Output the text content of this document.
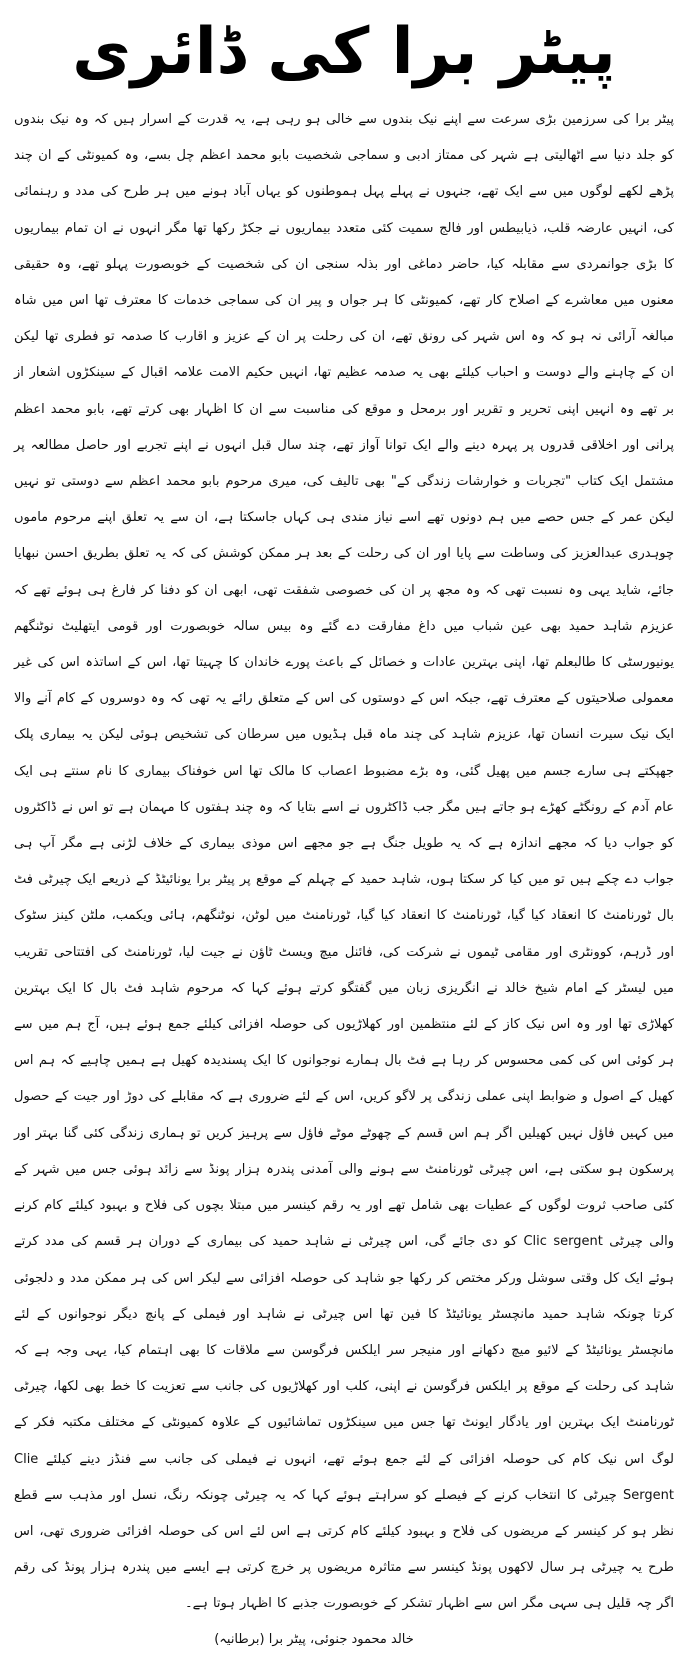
پیٹر برا کی ڈائری

پیٹر برا کی سرزمین بڑی سرعت سے اپنے نیک بندوں سے خالی ہو رہی ہے، یہ قدرت کے اسرار ہیں کہ وہ نیک بندوں کو جلد دنیا سے اٹھالیتی ہے شہر کی ممتاز ادبی و سماجی شخصیت بابو محمد اعظم چل بسے، وہ کمیونٹی کے ان چند پڑھے لکھے لوگوں میں سے ایک تھے، جنہوں نے پہلے پہل ہموطنوں کو یہاں آباد ہونے میں ہر طرح کی مدد و رہنمائی کی، انہیں عارضہ قلب، ذیابیطس اور فالج سمیت کئی متعدد بیماریوں نے جکڑ رکھا تھا مگر انہوں نے ان تمام بیماریوں کا بڑی جوانمردی سے مقابلہ کیا، حاضر دماغی اور بذلہ سنجی ان کی شخصیت کے خوبصورت پہلو تھے، وہ حقیقی معنوں میں معاشرے کے اصلاح کار تھے، کمیونٹی کا ہر جواں و پیر ان کی سماجی خدمات کا معترف تھا اس میں شاہ مبالغہ آرائی نہ ہو کہ وہ اس شہر کی رونق تھے، ان کی رحلت پر ان کے عزیز و اقارب کا صدمہ تو فطری تھا لیکن ان کے چاہنے والے دوست و احباب کیلئے بھی یہ صدمہ عظیم تھا، انہیں حکیم الامت علامہ اقبال کے سینکڑوں اشعار از بر تھے وہ انہیں اپنی تحریر و تقریر اور برمحل و موقع کی مناسبت سے ان کا اظہار بھی کرتے تھے، بابو محمد اعظم پرانی اور اخلاقی قدروں پر پہرہ دینے والے ایک توانا آواز تھے، چند سال قبل انہوں نے اپنے تجربے اور حاصل مطالعہ پر مشتمل ایک کتاب "تجربات و خوارشات زندگی کے" بھی تالیف کی، میری مرحوم بابو محمد اعظم سے دوستی تو نہیں لیکن عمر کے جس حصے میں ہم دونوں تھے اسے نیاز مندی ہی کہاں جاسکتا ہے، ان سے یہ تعلق اپنے مرحوم ماموں چوہدری عبدالعزیز کی وساطت سے پایا اور ان کی رحلت کے بعد ہر ممکن کوشش کی کہ یہ تعلق بطریق احسن نبھایا جائے، شاید یہی وہ نسبت تھی کہ وہ مجھ پر ان کی خصوصی شفقت تھی، ابھی ان کو دفنا کر فارغ ہی ہوئے تھے کہ عزیزم شاہد حمید بھی عین شباب میں داغ مفارقت دے گئے وہ بیس سالہ خوبصورت اور قومی ایتھلیٹ نوٹنگھم یونیورسٹی کا طالبعلم تھا، اپنی بہترین عادات و خصائل کے باعث پورے خاندان کا چہیتا تھا، اس کے اساتذہ اس کی غیر معمولی صلاحیتوں کے معترف تھے، جبکہ اس کے دوستوں کی اس کے متعلق رائے یہ تھی کہ وہ دوسروں کے کام آنے والا ایک نیک سیرت انسان تھا، عزیزم شاہد کی چند ماہ قبل ہڈیوں میں سرطان کی تشخیص ہوئی لیکن یہ بیماری پلک جھپکتے ہی سارے جسم میں پھیل گئی، وہ بڑے مضبوط اعصاب کا مالک تھا اس خوفناک بیماری کا نام سنتے ہی ایک عام آدم کے رونگٹے کھڑے ہو جاتے ہیں مگر جب ڈاکٹروں نے اسے بتایا کہ وہ چند ہفتوں کا مہمان ہے تو اس نے ڈاکٹروں کو جواب دیا کہ مجھے اندازہ ہے کہ یہ طویل جنگ ہے جو مجھے اس موذی بیماری کے خلاف لڑنی ہے مگر آپ ہی جواب دے چکے ہیں تو میں کیا کر سکتا ہوں، شاہد حمید کے چہلم کے موقع پر پیٹر برا یونائیٹڈ کے ذریعے ایک چیرٹی فٹ بال ٹورنامنٹ کا انعقاد کیا گیا، ٹورنامنٹ کا انعقاد کیا گیا، ٹورنامنٹ میں لوٹن، نوٹنگھم، ہائی ویکمب، ملٹن کینز سٹوک اور ڈرہم، کوونٹری اور مقامی ٹیموں نے شرکت کی، فائنل میچ ویسٹ ٹاؤن نے جیت لیا، ٹورنامنٹ کی افتتاحی تقریب میں لیسٹر کے امام شیخ خالد نے انگریزی زبان میں گفتگو کرتے ہوئے کہا کہ مرحوم شاہد فٹ بال کا ایک بہترین کھلاڑی تھا اور وہ اس نیک کاز کے لئے منتظمین اور کھلاڑیوں کی حوصلہ افزائی کیلئے جمع ہوئے ہیں، آج ہم میں سے ہر کوئی اس کی کمی محسوس کر رہا ہے فٹ بال ہمارے نوجوانوں کا ایک پسندیدہ کھیل ہے ہمیں چاہیے کہ ہم اس کھیل کے اصول و ضوابط اپنی عملی زندگی پر لاگو کریں، اس کے لئے ضروری ہے کہ مقابلے کی دوڑ اور جیت کے حصول میں کہیں فاؤل نہیں کھیلیں اگر ہم اس قسم کے چھوٹے موٹے فاؤل سے پرہیز کریں تو ہماری زندگی کئی گنا بہتر اور پرسکون ہو سکتی ہے، اس چیرٹی ٹورنامنٹ سے ہونے والی آمدنی پندرہ ہزار پونڈ سے زائد ہوئی جس میں شہر کے کئی صاحب ثروت لوگوں کے عطیات بھی شامل تھے اور یہ رقم کینسر میں مبتلا بچوں کی فلاح و بہبود کیلئے کام کرنے والی چیرٹی Clic sergent کو دی جائے گی، اس چیرٹی نے شاہد حمید کی بیماری کے دوران ہر قسم کی مدد کرتے ہوئے ایک کل وقتی سوشل ورکر مختص کر رکھا جو شاہد کی حوصلہ افزائی سے لیکر اس کی ہر ممکن مدد و دلجوئی کرتا چونکہ شاہد حمید مانچسٹر یونائیٹڈ کا فین تھا اس چیرٹی نے شاہد اور فیملی کے پانچ دیگر نوجوانوں کے لئے مانچسٹر یونائیٹڈ کے لائیو میچ دکھانے اور منیجر سر ایلکس فرگوسن سے ملاقات کا بھی اہتمام کیا، یہی وجہ ہے کہ شاہد کی رحلت کے موقع پر ایلکس فرگوسن نے اپنی، کلب اور کھلاڑیوں کی جانب سے تعزیت کا خط بھی لکھا، چیرٹی ٹورنامنٹ ایک بہترین اور یادگار ایونٹ تھا جس میں سینکڑوں تماشائیوں کے علاوہ کمیونٹی کے مختلف مکتبہ فکر کے لوگ اس نیک کام کی حوصلہ افزائی کے لئے جمع ہوئے تھے، انہوں نے فیملی کی جانب سے فنڈز دینے کیلئے Clie Sergent چیرٹی کا انتخاب کرنے کے فیصلے کو سراہتے ہوئے کہا کہ یہ چیرٹی چونکہ رنگ، نسل اور مذہب سے قطع نظر ہو کر کینسر کے مریضوں کی فلاح و بہبود کیلئے کام کرتی ہے اس لئے اس کی حوصلہ افزائی ضروری تھی، اس طرح یہ چیرٹی ہر سال لاکھوں پونڈ کینسر سے متاثرہ مریضوں پر خرچ کرتی ہے ایسے میں پندرہ ہزار پونڈ کی رقم اگر چہ قلیل ہی سہی مگر اس سے اظہار تشکر کے خوبصورت جذبے کا اظہار ہوتا ہے۔

خالد محمود جنوئی، پیٹر برا (برطانیہ)
